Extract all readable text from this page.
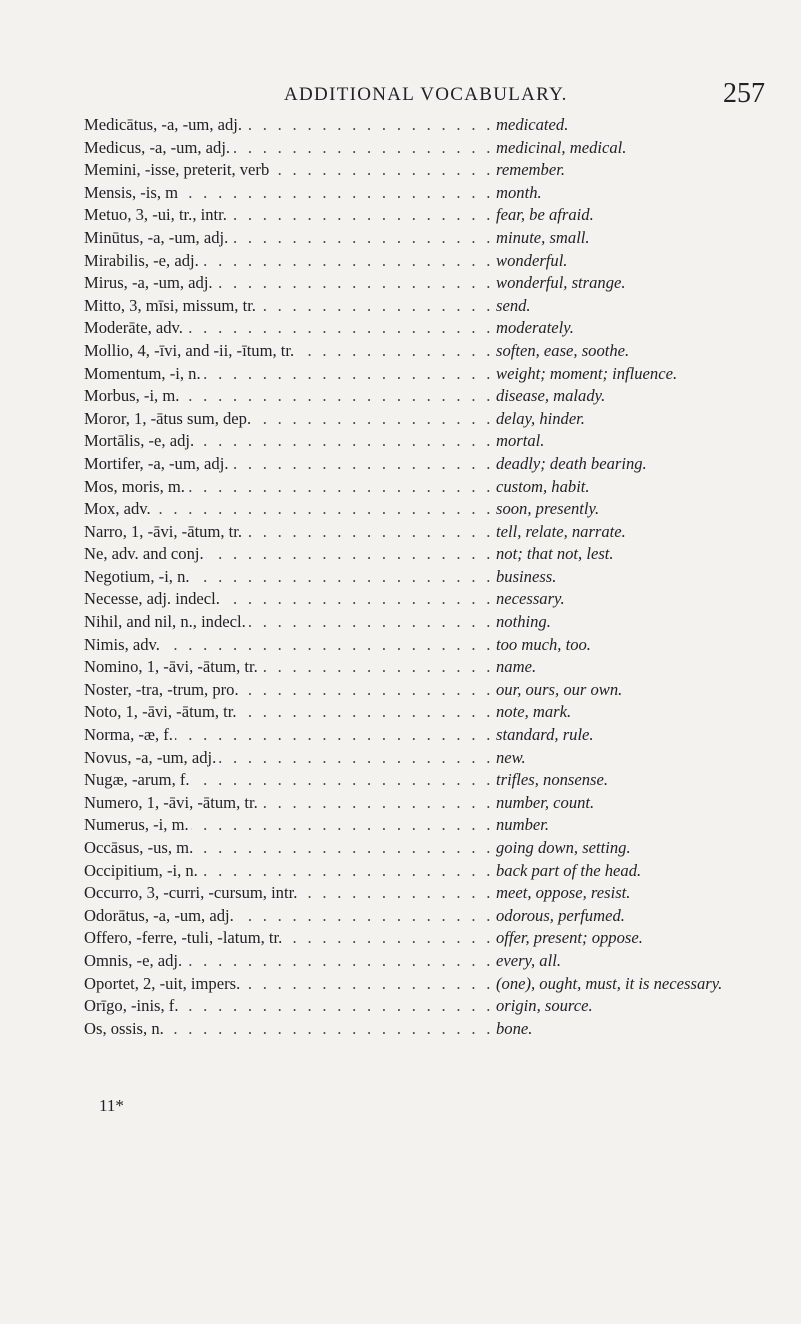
ADDITIONAL VOCABULARY.	257
. . .
Medicātus, -a, -um, adj.	medicated.
. . .
Medicus, -a, -um, adj.	medicinal, medical.
. . .
Memini, -isse, preterit, verb	remember.
. . .
Mensis, -is, m	month.
. . .
Metuo, 3, -ui, tr., intr.	fear, be afraid.
. . .
Minūtus, -a, -um, adj.	minute, small.
. . .
Mirabilis, -e, adj.	wonderful.
. . .
Mirus, -a, -um, adj.	wonderful, strange.
. . .
Mitto, 3, mīsi, missum, tr.	send.
. . .
Moderāte, adv.	moderately.
. . .
Mollio, 4, -īvi, and -ii, -ītum, tr.	soften, ease, soothe.
. . .
Momentum, -i, n.	weight; moment; influence.
. . .
Morbus, -i, m.	disease, malady.
. . .
Moror, 1, -ātus sum, dep.	delay, hinder.
. . .
Mortālis, -e, adj.	mortal.
. . .
Mortifer, -a, -um, adj.	deadly; death bearing.
. . .
Mos, moris, m.	custom, habit.
. . .
Mox, adv.	soon, presently.
. . .
Narro, 1, -āvi, -ātum, tr.	tell, relate, narrate.
. . .
Ne, adv. and conj.	not; that not, lest.
. . .
Negotium, -i, n.	business.
. . .
Necesse, adj. indecl.	necessary.
. . .
Nihil, and nil, n., indecl.	nothing.
. . .
Nimis, adv.	too much, too.
. . .
Nomino, 1, -āvi, -ātum, tr.	name.
. . .
Noster, -tra, -trum, pro.	our, ours, our own.
. . .
Noto, 1, -āvi, -ātum, tr.	note, mark.
. . .
Norma, -æ, f.	standard, rule.
. . .
Novus, -a, -um, adj.	new.
. . .
Nugæ, -arum, f.	trifles, nonsense.
. . .
Numero, 1, -āvi, -ātum, tr.	number, count.
. . .
Numerus, -i, m.	number.
. . .
Occāsus, -us, m.	going down, setting.
. . .
Occipitium, -i, n.	back part of the head.
. . .
Occurro, 3, -curri, -cursum, intr.	meet, oppose, resist.
. . .
Odorātus, -a, -um, adj.	odorous, perfumed.
. . .
Offero, -ferre, -tuli, -latum, tr.	offer, present; oppose.
. . .
Omnis, -e, adj.	every, all.
. . .
Oportet, 2, -uit, impers.	(one), ought, must, it is necessary.
. . .
Orīgo, -inis, f.	origin, source.
. . .
Os, ossis, n.	bone.
11*
